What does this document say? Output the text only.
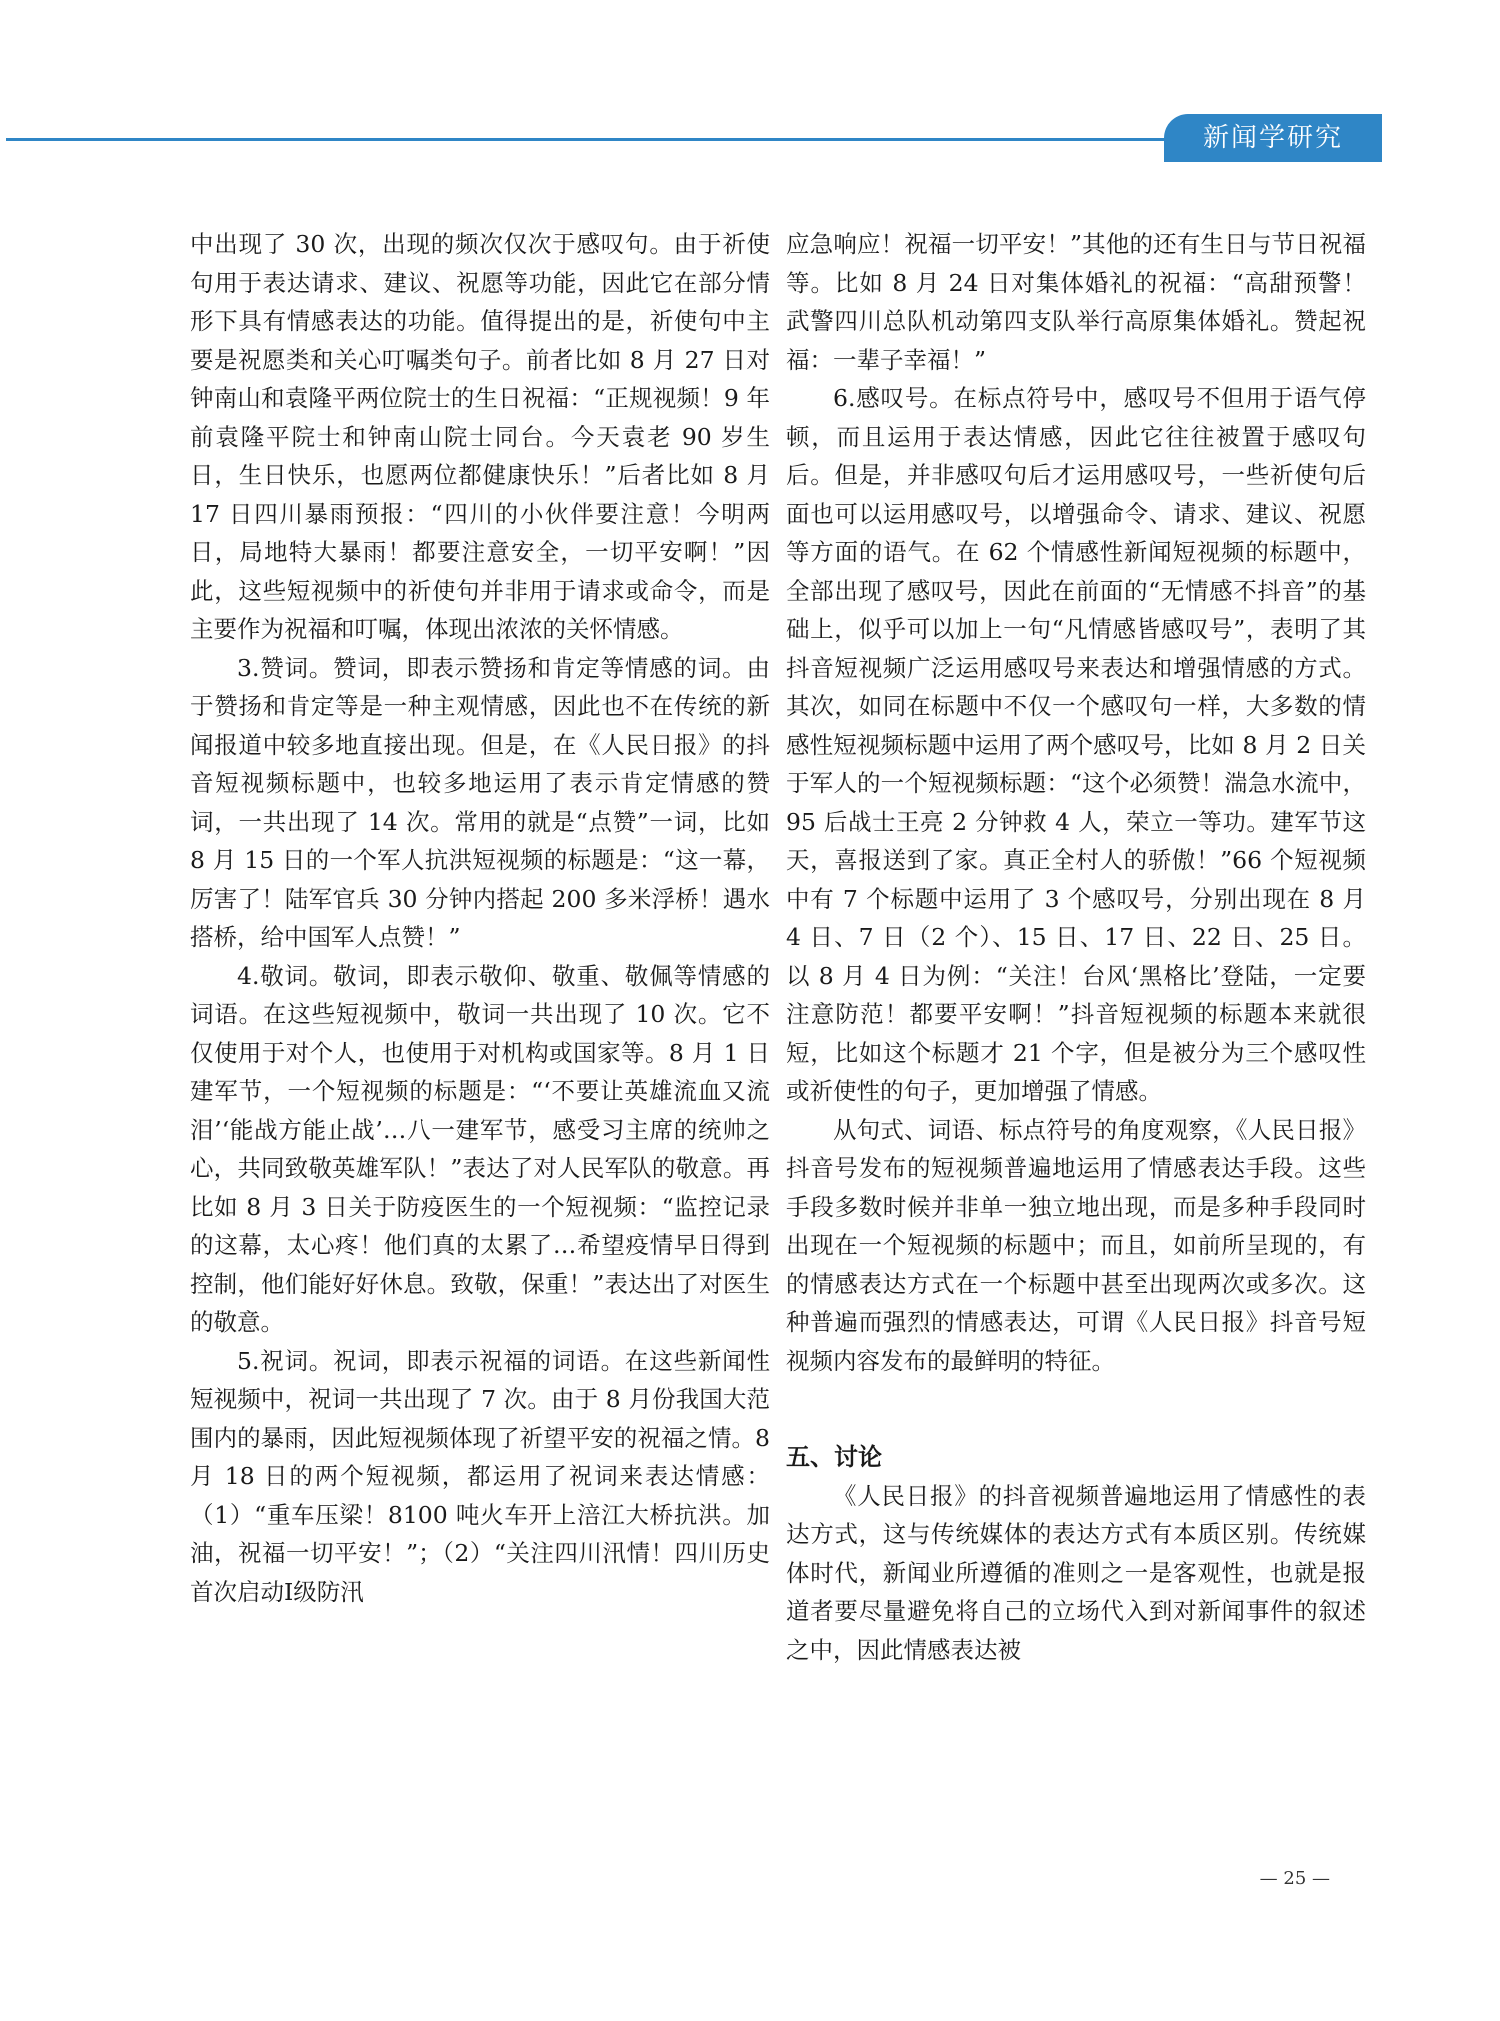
新闻学研究

中出现了 30 次，出现的频次仅次于感叹句。由于祈使句用于表达请求、建议、祝愿等功能，因此它在部分情形下具有情感表达的功能。值得提出的是，祈使句中主要是祝愿类和关心叮嘱类句子。前者比如 8 月 27 日对钟南山和袁隆平两位院士的生日祝福：“正规视频！9 年前袁隆平院士和钟南山院士同台。今天袁老 90 岁生日，生日快乐，也愿两位都健康快乐！”后者比如 8 月 17 日四川暴雨预报：“四川的小伙伴要注意！今明两日，局地特大暴雨！都要注意安全，一切平安啊！”因此，这些短视频中的祈使句并非用于请求或命令，而是主要作为祝福和叮嘱，体现出浓浓的关怀情感。

3.赞词。赞词，即表示赞扬和肯定等情感的词。由于赞扬和肯定等是一种主观情感，因此也不在传统的新闻报道中较多地直接出现。但是，在《人民日报》的抖音短视频标题中，也较多地运用了表示肯定情感的赞词，一共出现了 14 次。常用的就是“点赞”一词，比如 8 月 15 日的一个军人抗洪短视频的标题是：“这一幕，厉害了！陆军官兵 30 分钟内搭起 200 多米浮桥！遇水搭桥，给中国军人点赞！”

4.敬词。敬词，即表示敬仰、敬重、敬佩等情感的词语。在这些短视频中，敬词一共出现了 10 次。它不仅使用于对个人，也使用于对机构或国家等。8 月 1 日建军节，一个短视频的标题是：“‘不要让英雄流血又流泪’‘能战方能止战’…八一建军节，感受习主席的统帅之心，共同致敬英雄军队！”表达了对人民军队的敬意。再比如 8 月 3 日关于防疫医生的一个短视频：“监控记录的这幕，太心疼！他们真的太累了…希望疫情早日得到控制，他们能好好休息。致敬，保重！”表达出了对医生的敬意。

5.祝词。祝词，即表示祝福的词语。在这些新闻性短视频中，祝词一共出现了 7 次。由于 8 月份我国大范围内的暴雨，因此短视频体现了祈望平安的祝福之情。8 月 18 日的两个短视频，都运用了祝词来表达情感：（1）“重车压梁！8100 吨火车开上涪江大桥抗洪。加油，祝福一切平安！”；（2）“关注四川汛情！四川历史首次启动Ⅰ级防汛

应急响应！祝福一切平安！”其他的还有生日与节日祝福等。比如 8 月 24 日对集体婚礼的祝福：“高甜预警！武警四川总队机动第四支队举行高原集体婚礼。赞起祝福：一辈子幸福！”

6.感叹号。在标点符号中，感叹号不但用于语气停顿，而且运用于表达情感，因此它往往被置于感叹句后。但是，并非感叹句后才运用感叹号，一些祈使句后面也可以运用感叹号，以增强命令、请求、建议、祝愿等方面的语气。在 62 个情感性新闻短视频的标题中，全部出现了感叹号，因此在前面的“无情感不抖音”的基础上，似乎可以加上一句“凡情感皆感叹号”，表明了其抖音短视频广泛运用感叹号来表达和增强情感的方式。其次，如同在标题中不仅一个感叹句一样，大多数的情感性短视频标题中运用了两个感叹号，比如 8 月 2 日关于军人的一个短视频标题：“这个必须赞！湍急水流中，95 后战士王亮 2 分钟救 4 人，荣立一等功。建军节这天，喜报送到了家。真正全村人的骄傲！”66 个短视频中有 7 个标题中运用了 3 个感叹号，分别出现在 8 月 4 日、7 日（2 个）、15 日、17 日、22 日、25 日。以 8 月 4 日为例：“关注！台风‘黑格比’登陆，一定要注意防范！都要平安啊！”抖音短视频的标题本来就很短，比如这个标题才 21 个字，但是被分为三个感叹性或祈使性的句子，更加增强了情感。

从句式、词语、标点符号的角度观察，《人民日报》抖音号发布的短视频普遍地运用了情感表达手段。这些手段多数时候并非单一独立地出现，而是多种手段同时出现在一个短视频的标题中；而且，如前所呈现的，有的情感表达方式在一个标题中甚至出现两次或多次。这种普遍而强烈的情感表达，可谓《人民日报》抖音号短视频内容发布的最鲜明的特征。

五、讨论

《人民日报》的抖音视频普遍地运用了情感性的表达方式，这与传统媒体的表达方式有本质区别。传统媒体时代，新闻业所遵循的准则之一是客观性，也就是报道者要尽量避免将自己的立场代入到对新闻事件的叙述之中，因此情感表达被

— 25 —
